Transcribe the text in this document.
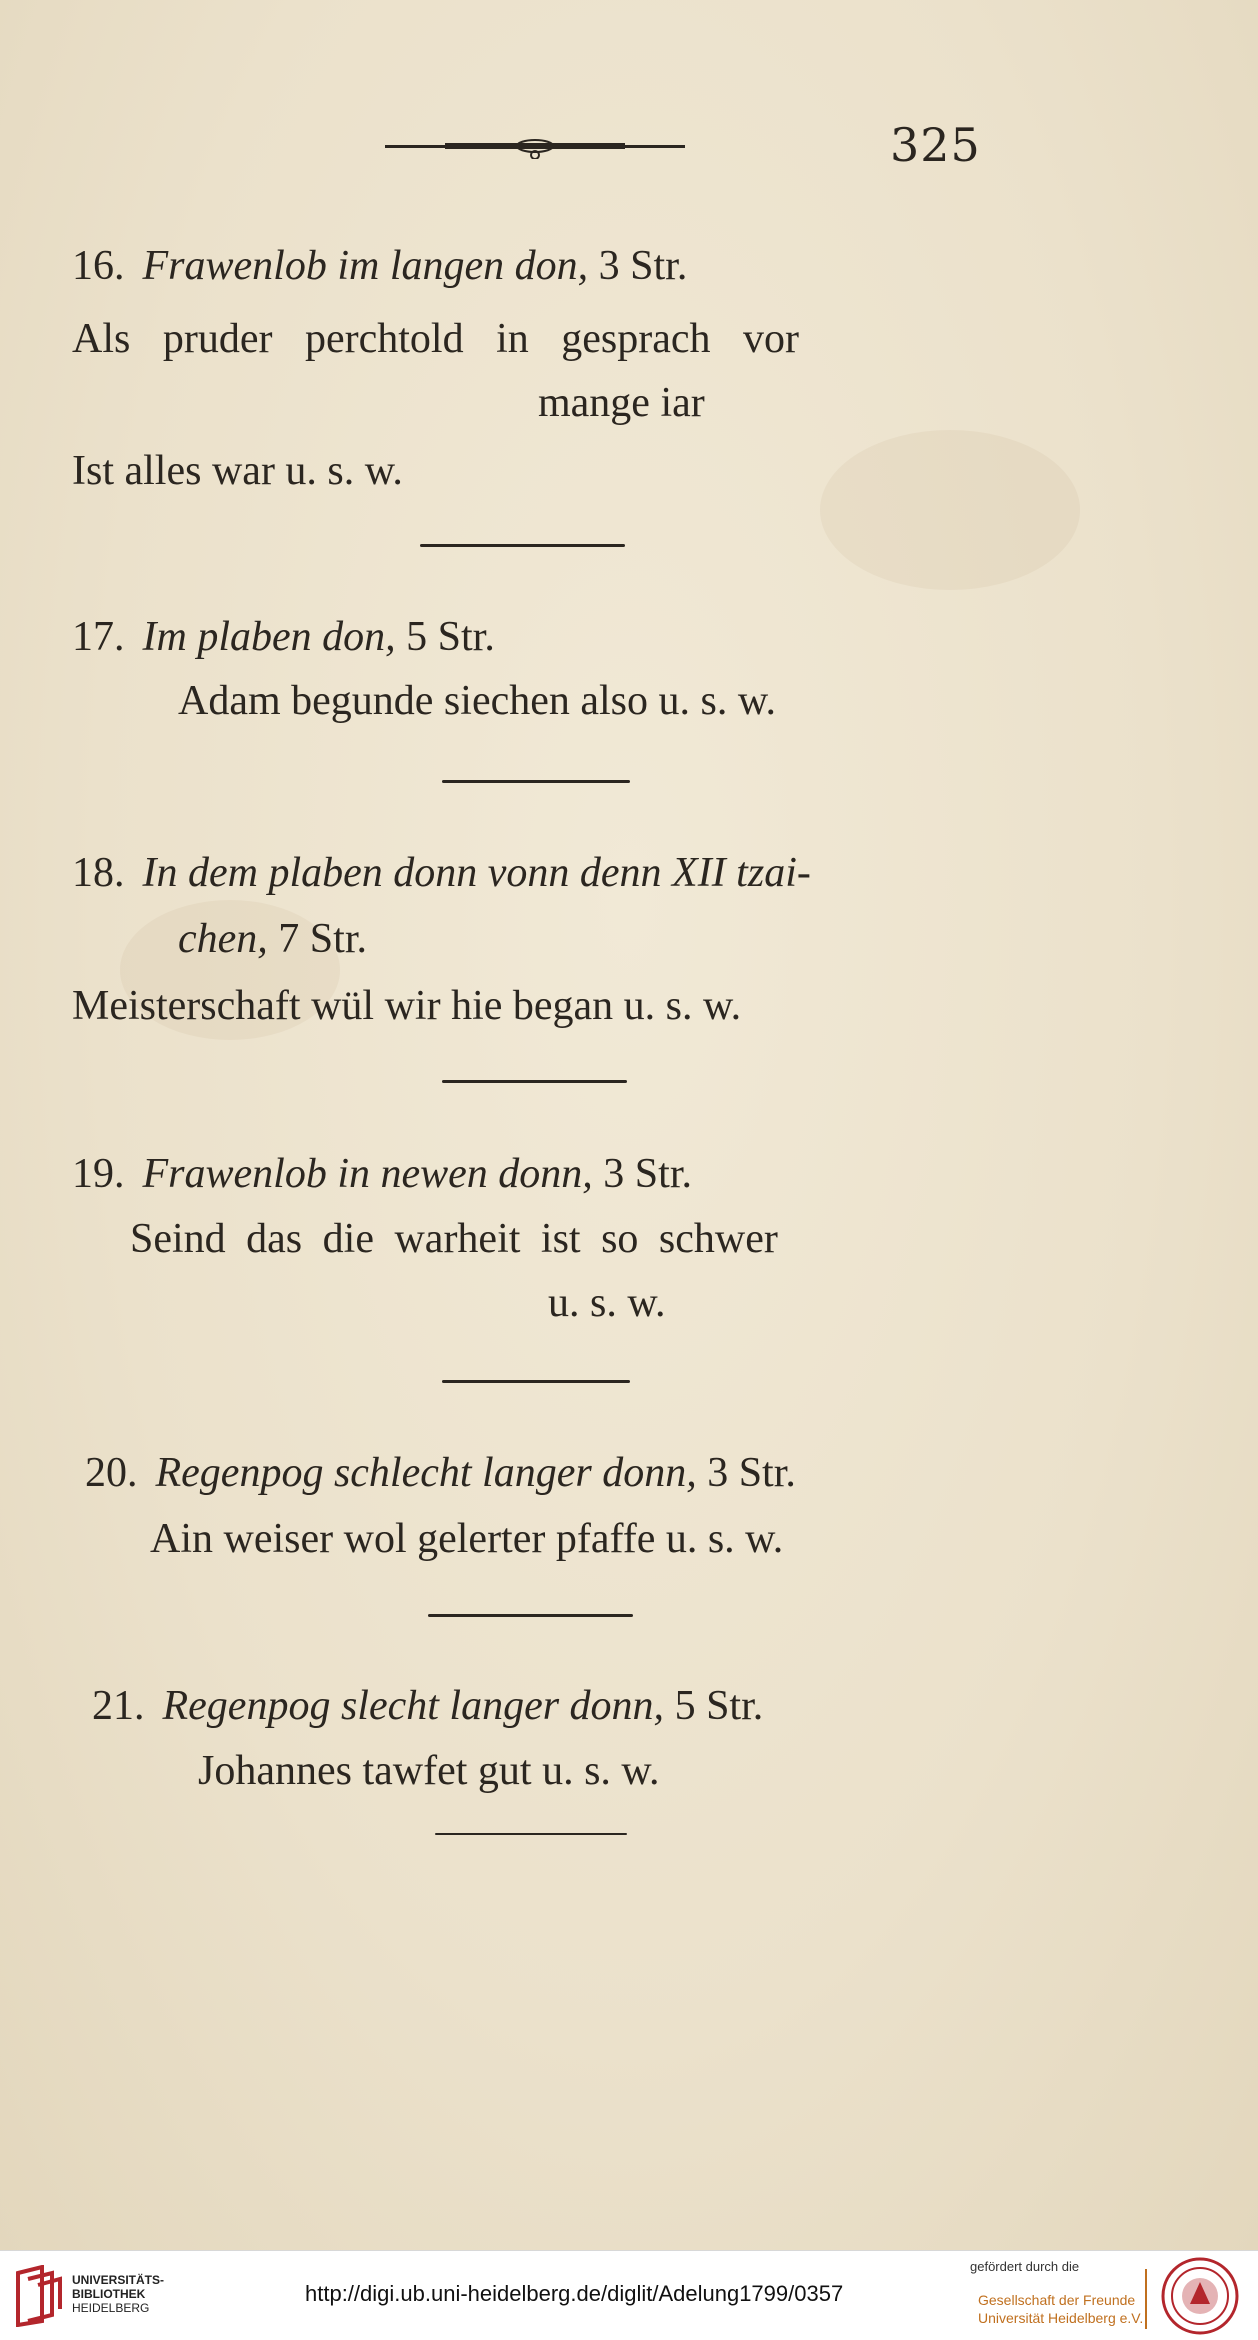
325
16. Frawenlob im langen don, 3 Str.
Als pruder perchtold in gesprach vor
mange iar
Ist alles war u. s. w.
17. Im plaben don, 5 Str.
Adam begunde siechen also u. s. w.
18. In dem plaben donn vonn denn XII tzai-
chen, 7 Str.
Meisterschaft wül wir hie began u. s. w.
19. Frawenlob in newen donn, 3 Str.
Seind das die warheit ist so schwer
u. s. w.
20. Regenpog schlecht langer donn, 3 Str.
Ain weiser wol gelerter pfaffe u. s. w.
21. Regenpog slecht langer donn, 5 Str.
Johannes tawfet gut u. s. w.
UNIVERSITÄTS-
BIBLIOTHEK
HEIDELBERG
http://digi.ub.uni-heidelberg.de/diglit/Adelung1799/0357
gefördert durch die
Gesellschaft der Freunde
Universität Heidelberg e.V.
